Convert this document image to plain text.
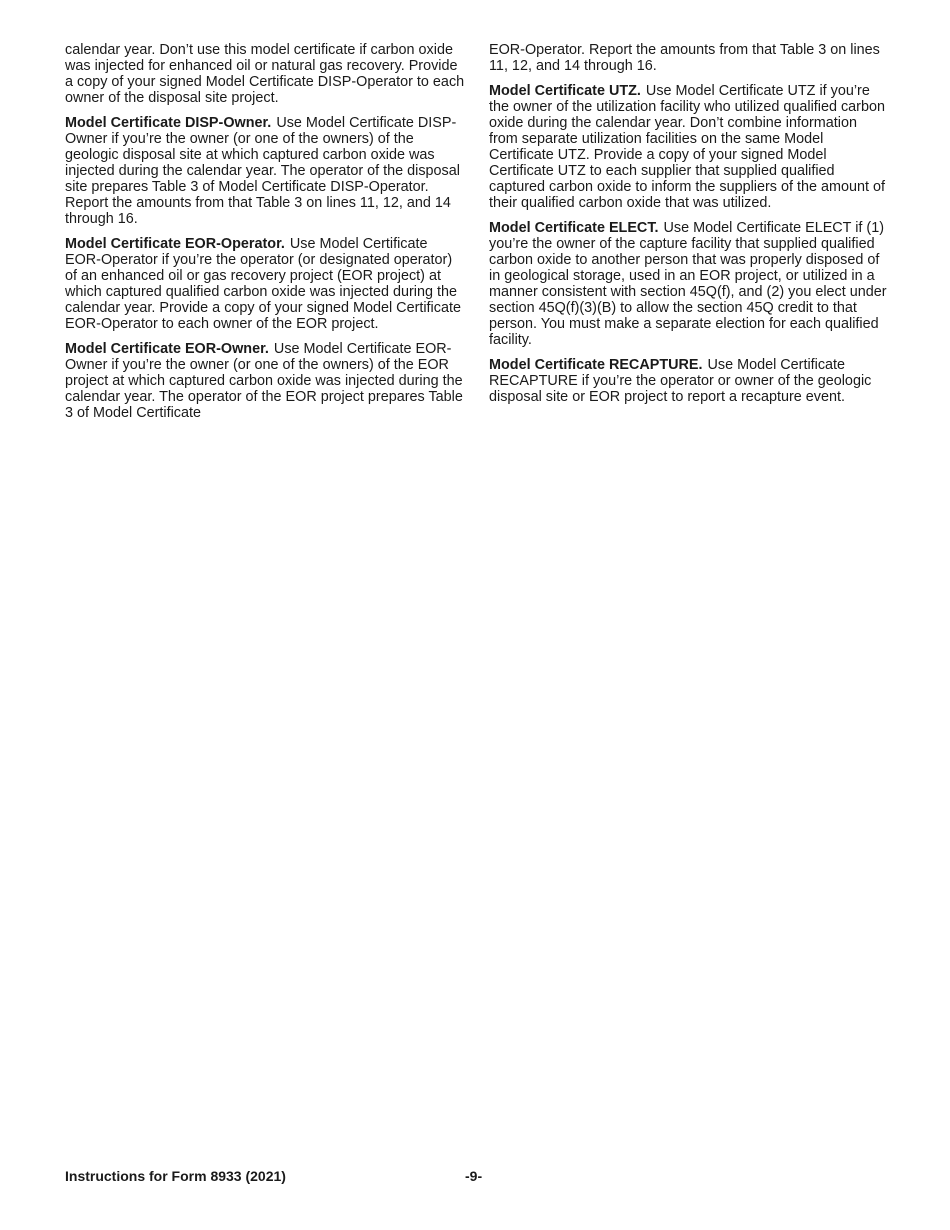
calendar year. Don’t use this model certificate if carbon oxide was injected for enhanced oil or natural gas recovery. Provide a copy of your signed Model Certificate DISP-Operator to each owner of the disposal site project.

Model Certificate DISP-Owner. Use Model Certificate DISP-Owner if you’re the owner (or one of the owners) of the geologic disposal site at which captured carbon oxide was injected during the calendar year. The operator of the disposal site prepares Table 3 of Model Certificate DISP-Operator. Report the amounts from that Table 3 on lines 11, 12, and 14 through 16.

Model Certificate EOR-Operator. Use Model Certificate EOR-Operator if you’re the operator (or designated operator) of an enhanced oil or gas recovery project (EOR project) at which captured qualified carbon oxide was injected during the calendar year. Provide a copy of your signed Model Certificate EOR-Operator to each owner of the EOR project.

Model Certificate EOR-Owner. Use Model Certificate EOR-Owner if you’re the owner (or one of the owners) of the EOR project at which captured carbon oxide was injected during the calendar year. The operator of the EOR project prepares Table 3 of Model Certificate

EOR-Operator. Report the amounts from that Table 3 on lines 11, 12, and 14 through 16.

Model Certificate UTZ. Use Model Certificate UTZ if you’re the owner of the utilization facility who utilized qualified carbon oxide during the calendar year. Don’t combine information from separate utilization facilities on the same Model Certificate UTZ. Provide a copy of your signed Model Certificate UTZ to each supplier that supplied qualified captured carbon oxide to inform the suppliers of the amount of their qualified carbon oxide that was utilized.

Model Certificate ELECT. Use Model Certificate ELECT if (1) you’re the owner of the capture facility that supplied qualified carbon oxide to another person that was properly disposed of in geological storage, used in an EOR project, or utilized in a manner consistent with section 45Q(f), and (2) you elect under section 45Q(f)(3)(B) to allow the section 45Q credit to that person. You must make a separate election for each qualified facility.

Model Certificate RECAPTURE. Use Model Certificate RECAPTURE if you’re the operator or owner of the geologic disposal site or EOR project to report a recapture event.

Instructions for Form 8933 (2021)	-9-
